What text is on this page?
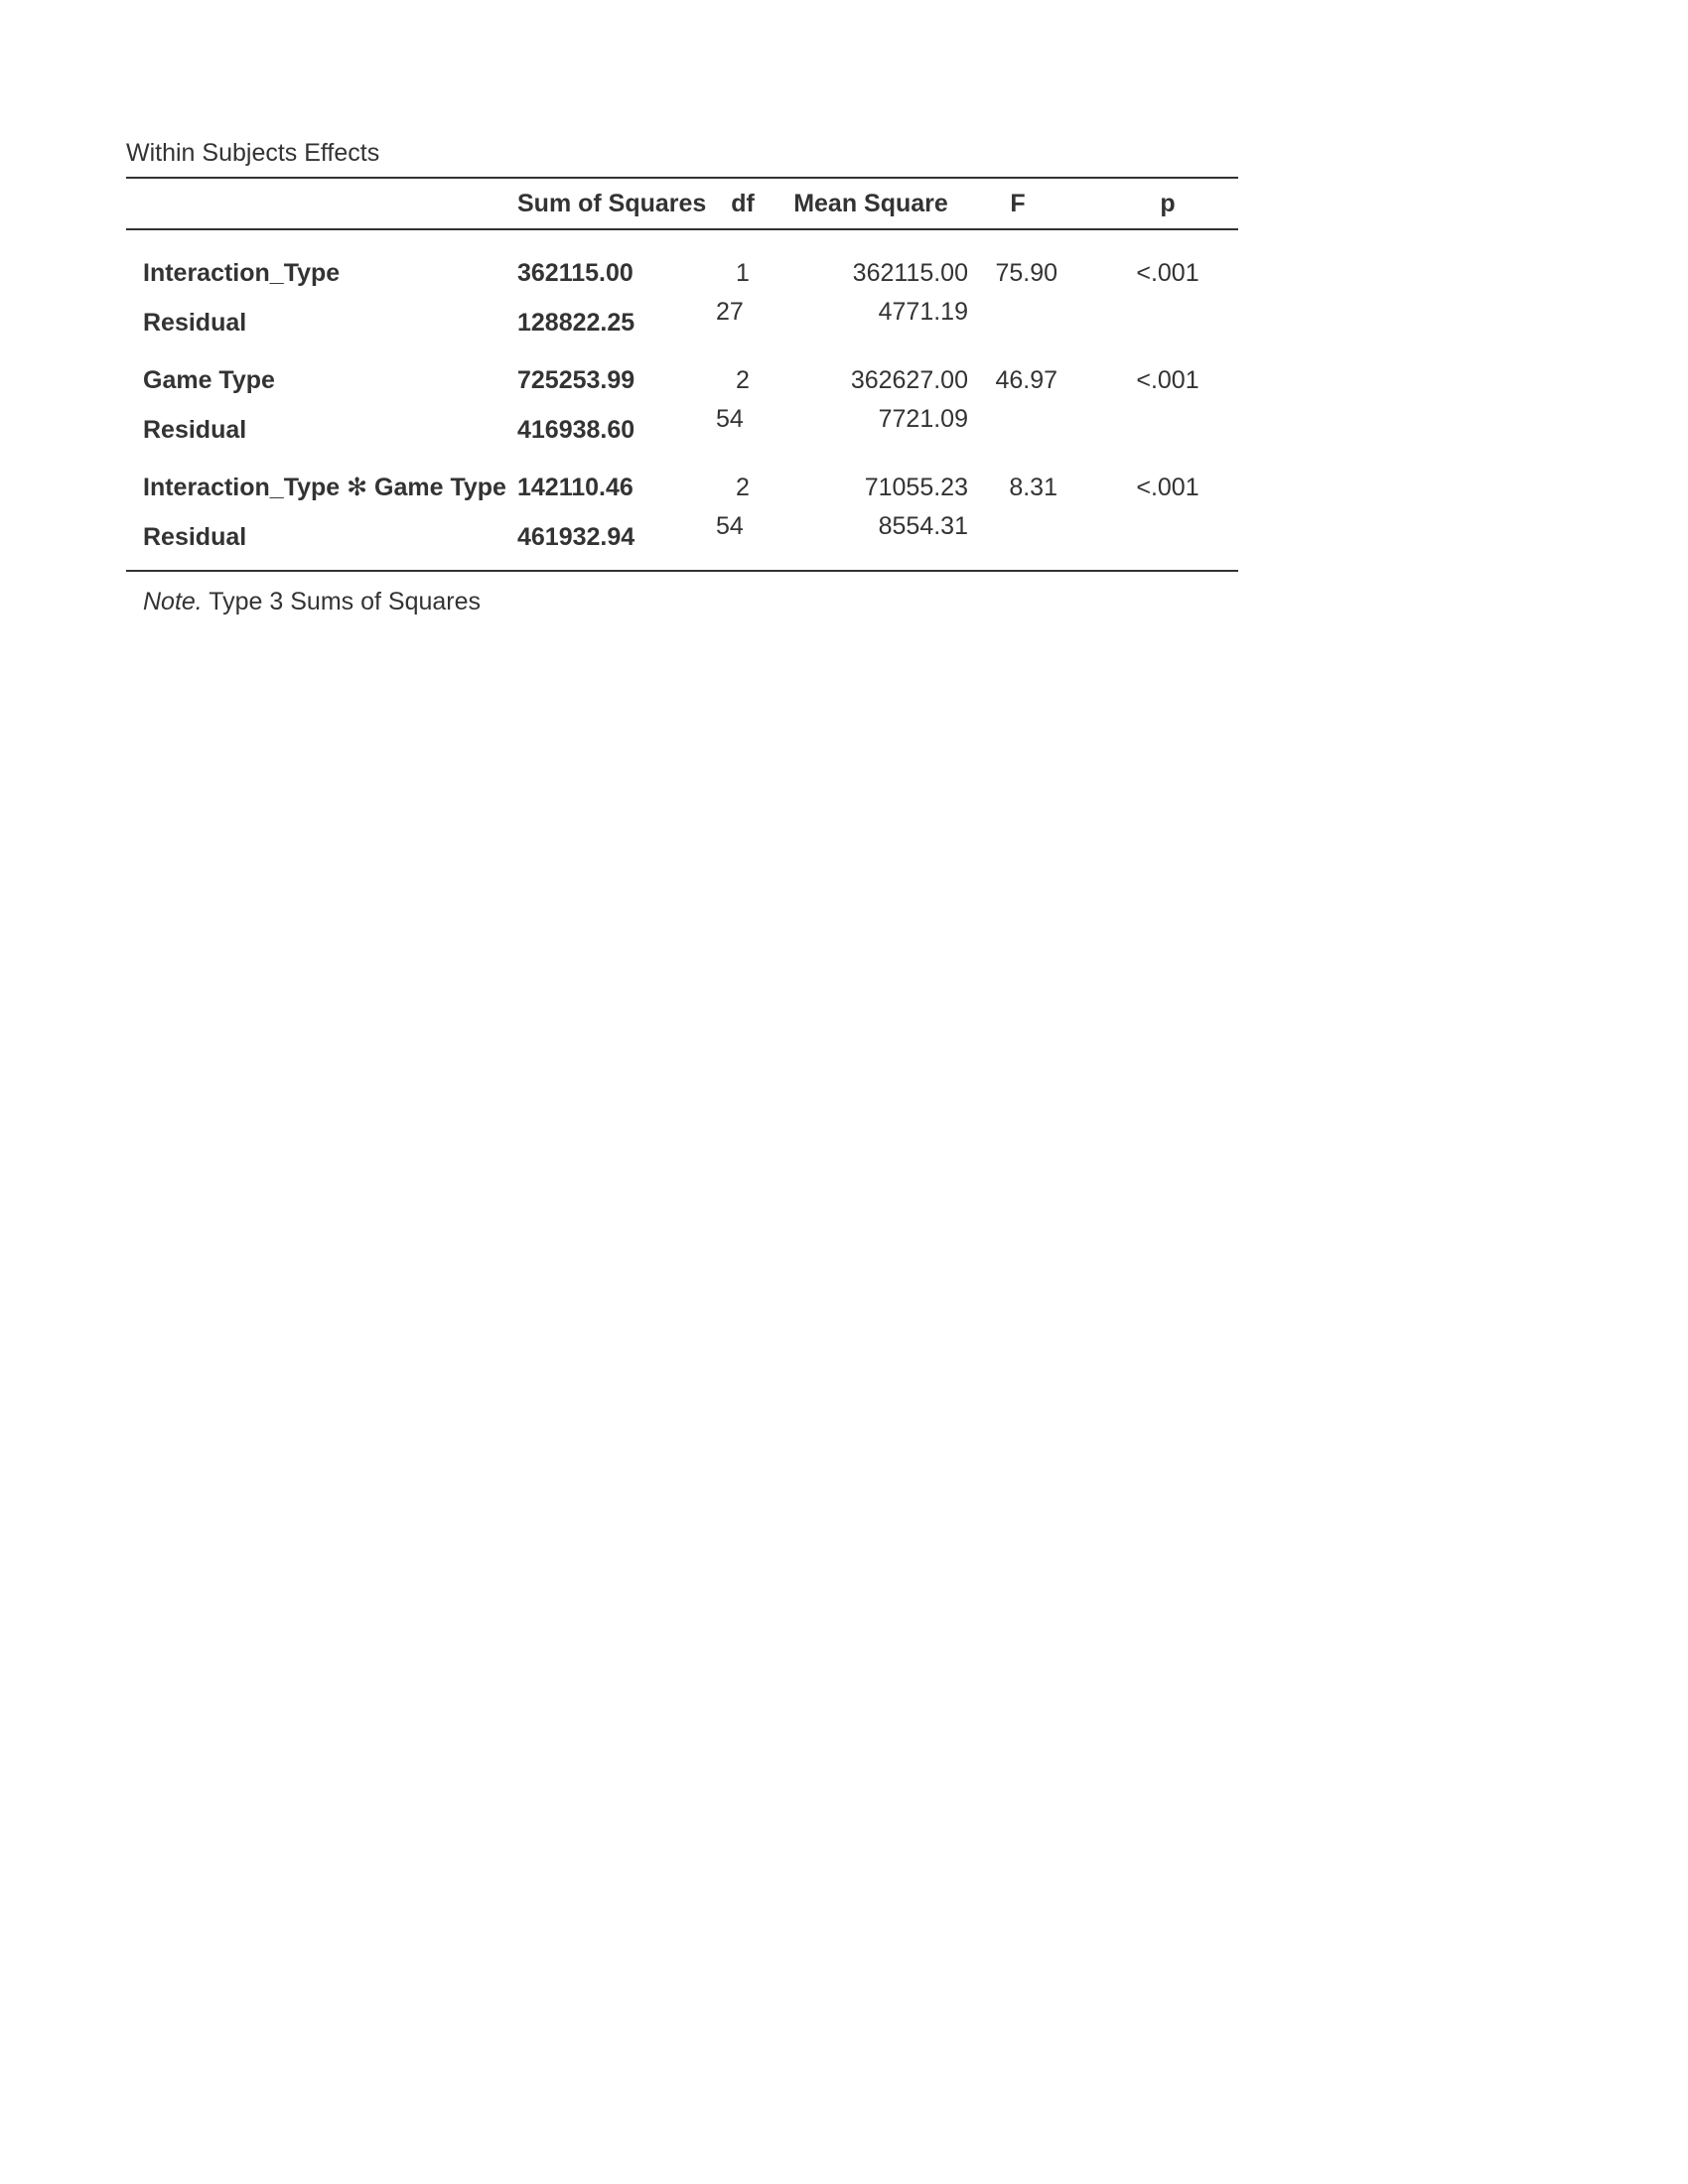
Within Subjects Effects
	Sum of Squares	df	Mean Square	F	p
Interaction_Type	362115.00	1	362115.00	75.90	<.001
Residual	128822.25	27	4771.19		
Game Type	725253.99	2	362627.00	46.97	<.001
Residual	416938.60	54	7721.09		
Interaction_Type ✻ Game Type	142110.46	2	71055.23	8.31	<.001
Residual	461932.94	54	8554.31		
Note. Type 3 Sums of Squares
